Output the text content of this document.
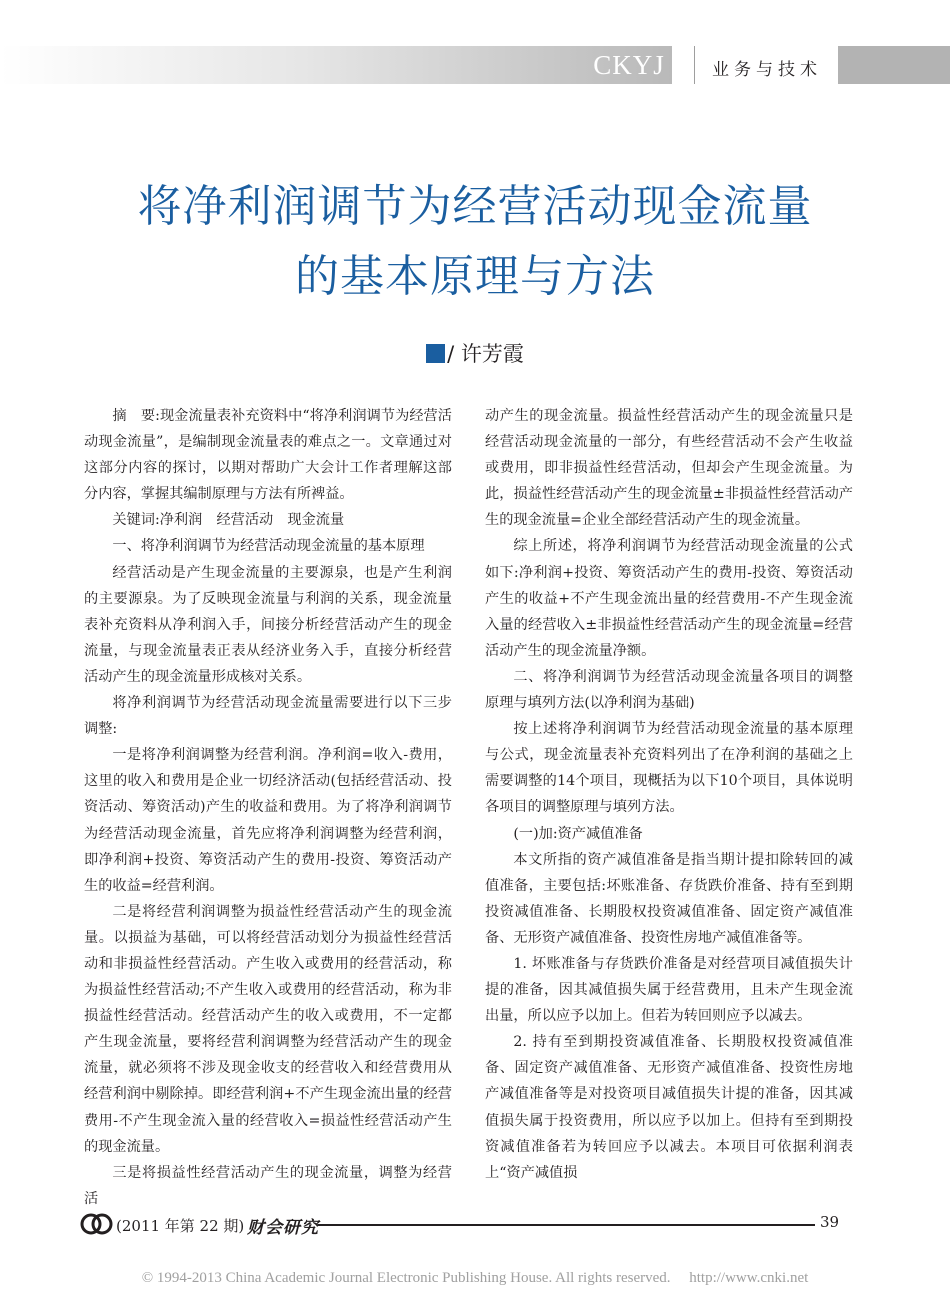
CKYJ	业务与技术
将净利润调节为经营活动现金流量
的基本原理与方法
/ 许芳霞

摘　要:现金流量表补充资料中“将净利润调节为经营活动现金流量”，是编制现金流量表的难点之一。文章通过对这部分内容的探讨，以期对帮助广大会计工作者理解这部分内容，掌握其编制原理与方法有所裨益。

关键词:净利润　经营活动　现金流量

一、将净利润调节为经营活动现金流量的基本原理

经营活动是产生现金流量的主要源泉，也是产生利润的主要源泉。为了反映现金流量与利润的关系，现金流量表补充资料从净利润入手，间接分析经营活动产生的现金流量，与现金流量表正表从经济业务入手，直接分析经营活动产生的现金流量形成核对关系。

将净利润调节为经营活动现金流量需要进行以下三步调整:

一是将净利润调整为经营利润。净利润=收入-费用，这里的收入和费用是企业一切经济活动(包括经营活动、投资活动、筹资活动)产生的收益和费用。为了将净利润调节为经营活动现金流量，首先应将净利润调整为经营利润，即净利润+投资、筹资活动产生的费用-投资、筹资活动产生的收益=经营利润。

二是将经营利润调整为损益性经营活动产生的现金流量。以损益为基础，可以将经营活动划分为损益性经营活动和非损益性经营活动。产生收入或费用的经营活动，称为损益性经营活动;不产生收入或费用的经营活动，称为非损益性经营活动。经营活动产生的收入或费用，不一定都产生现金流量，要将经营利润调整为经营活动产生的现金流量，就必须将不涉及现金收支的经营收入和经营费用从经营利润中剔除掉。即经营利润+不产生现金流出量的经营费用-不产生现金流入量的经营收入=损益性经营活动产生的现金流量。

三是将损益性经营活动产生的现金流量，调整为经营活

动产生的现金流量。损益性经营活动产生的现金流量只是经营活动现金流量的一部分，有些经营活动不会产生收益或费用，即非损益性经营活动，但却会产生现金流量。为此，损益性经营活动产生的现金流量±非损益性经营活动产生的现金流量=企业全部经营活动产生的现金流量。

综上所述，将净利润调节为经营活动现金流量的公式如下:净利润+投资、筹资活动产生的费用-投资、筹资活动产生的收益+不产生现金流出量的经营费用-不产生现金流入量的经营收入±非损益性经营活动产生的现金流量=经营活动产生的现金流量净额。

二、将净利润调节为经营活动现金流量各项目的调整原理与填列方法(以净利润为基础)

按上述将净利润调节为经营活动现金流量的基本原理与公式，现金流量表补充资料列出了在净利润的基础之上需要调整的14个项目，现概括为以下10个项目，具体说明各项目的调整原理与填列方法。

(一)加:资产减值准备

本文所指的资产减值准备是指当期计提扣除转回的减值准备，主要包括:坏账准备、存货跌价准备、持有至到期投资减值准备、长期股权投资减值准备、固定资产减值准备、无形资产减值准备、投资性房地产减值准备等。

1. 坏账准备与存货跌价准备是对经营项目减值损失计提的准备，因其减值损失属于经营费用，且未产生现金流出量，所以应予以加上。但若为转回则应予以减去。

2. 持有至到期投资减值准备、长期股权投资减值准备、固定资产减值准备、无形资产减值准备、投资性房地产减值准备等是对投资项目减值损失计提的准备，因其减值损失属于投资费用，所以应予以加上。但持有至到期投资减值准备若为转回应予以减去。本项目可依据利润表上“资产减值损

(2011 年第 22 期) 财会研究	39
© 1994-2013 China Academic Journal Electronic Publishing House. All rights reserved.　 http://www.cnki.net
